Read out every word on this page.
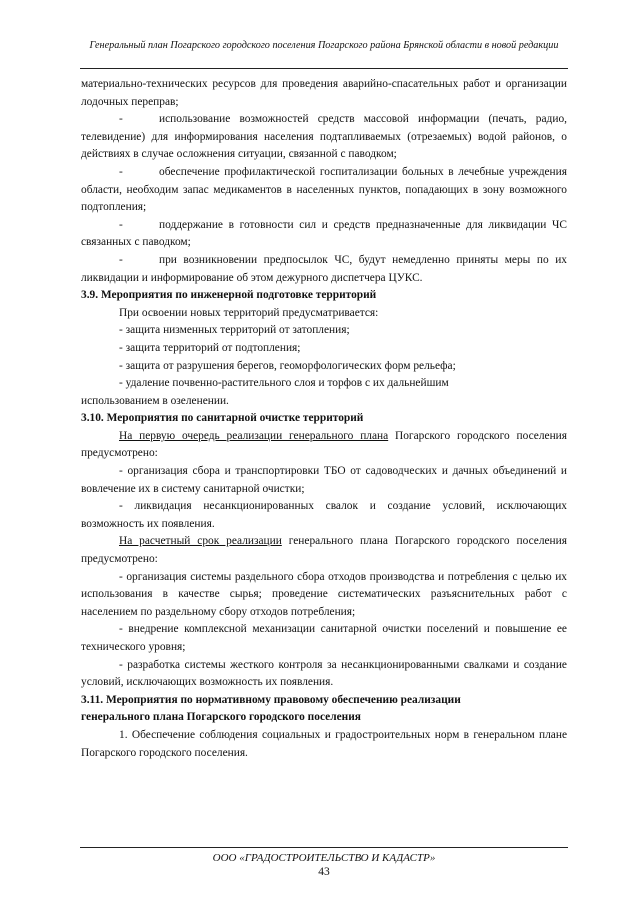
Генеральный план Погарского городского поселения Погарского района Брянской области в новой редакции

материально-технических ресурсов для проведения аварийно-спасательных работ и организации лодочных переправ;

-	использование возможностей средств массовой информации (печать, радио, телевидение) для информирования населения подтапливаемых (отрезаемых) водой районов, о действиях в случае осложнения ситуации, связанной с паводком;

-	обеспечение профилактической госпитализации больных в лечебные учреждения области, необходим запас медикаментов в населенных пунктов, попадающих в зону возможного подтопления;

-	поддержание в готовности сил и средств предназначенные для ликвидации ЧС связанных с паводком;

-	при возникновении предпосылок ЧС, будут немедленно приняты меры по их ликвидации и информирование об этом дежурного диспетчера ЦУКС.

3.9. Мероприятия по инженерной подготовке территорий

При освоении новых территорий предусматривается:

- защита низменных территорий от затопления;

- защита территорий от подтопления;

- защита от разрушения берегов, геоморфологических форм рельефа;

- удаление почвенно-растительного слоя и торфов с их дальнейшим

использованием в озеленении.

3.10. Мероприятия по санитарной очистке территорий

На первую очередь реализации генерального плана Погарского городского поселения предусмотрено:

- организация сбора и транспортировки ТБО от садоводческих и дачных объединений и вовлечение их в систему санитарной очистки;

- ликвидация несанкционированных свалок и создание условий, исключающих возможность их появления.

На расчетный срок реализации генерального плана Погарского городского поселения предусмотрено:

- организация системы раздельного сбора отходов производства и потребления с целью их использования в качестве сырья; проведение систематических разъяснительных работ с населением по раздельному сбору отходов потребления;

- внедрение комплексной механизации санитарной очистки поселений и повышение ее технического уровня;

- разработка системы жесткого контроля за несанкционированными свалками и создание условий, исключающих возможность их появления.

3.11. Мероприятия по нормативному правовому обеспечению реализации

генерального плана Погарского городского поселения

1. Обеспечение соблюдения социальных и градостроительных норм в генеральном плане Погарского городского поселения.

ООО «ГРАДОСТРОИТЕЛЬСТВО И КАДАСТР»
43
